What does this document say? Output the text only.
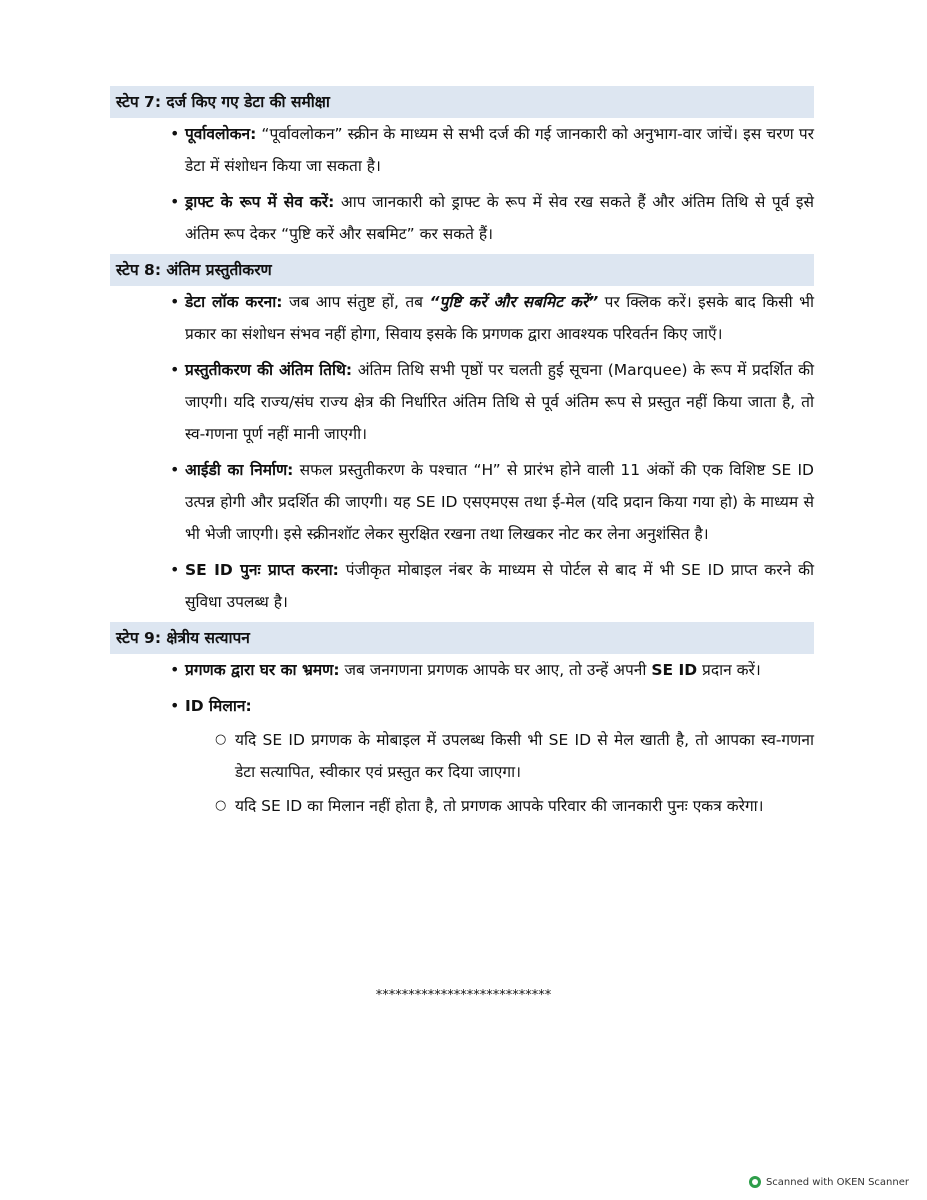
स्टेप 7: दर्ज किए गए डेटा की समीक्षा
• पूर्वावलोकन: “पूर्वावलोकन” स्क्रीन के माध्यम से सभी दर्ज की गई जानकारी को अनुभाग-वार जांचें। इस चरण पर डेटा में संशोधन किया जा सकता है।
• ड्राफ्ट के रूप में सेव करें: आप जानकारी को ड्राफ्ट के रूप में सेव रख सकते हैं और अंतिम तिथि से पूर्व इसे अंतिम रूप देकर “पुष्टि करें और सबमिट” कर सकते हैं।
स्टेप 8: अंतिम प्रस्तुतीकरण
• डेटा लॉक करना: जब आप संतुष्ट हों, तब “पुष्टि करें और सबमिट करें” पर क्लिक करें। इसके बाद किसी भी प्रकार का संशोधन संभव नहीं होगा, सिवाय इसके कि प्रगणक द्वारा आवश्यक परिवर्तन किए जाएँ।
• प्रस्तुतीकरण की अंतिम तिथि: अंतिम तिथि सभी पृष्ठों पर चलती हुई सूचना (Marquee) के रूप में प्रदर्शित की जाएगी। यदि राज्य/संघ राज्य क्षेत्र की निर्धारित अंतिम तिथि से पूर्व अंतिम रूप से प्रस्तुत नहीं किया जाता है, तो स्व-गणना पूर्ण नहीं मानी जाएगी।
• आईडी का निर्माण: सफल प्रस्तुतीकरण के पश्चात “H” से प्रारंभ होने वाली 11 अंकों की एक विशिष्ट SE ID उत्पन्न होगी और प्रदर्शित की जाएगी। यह SE ID एसएमएस तथा ई-मेल (यदि प्रदान किया गया हो) के माध्यम से भी भेजी जाएगी। इसे स्क्रीनशॉट लेकर सुरक्षित रखना तथा लिखकर नोट कर लेना अनुशंसित है।
• SE ID पुनः प्राप्त करना: पंजीकृत मोबाइल नंबर के माध्यम से पोर्टल से बाद में भी SE ID प्राप्त करने की सुविधा उपलब्ध है।
स्टेप 9: क्षेत्रीय सत्यापन
• प्रगणक द्वारा घर का भ्रमण: जब जनगणना प्रगणक आपके घर आए, तो उन्हें अपनी SE ID प्रदान करें।
• ID मिलान:
○ यदि SE ID प्रगणक के मोबाइल में उपलब्ध किसी भी SE ID से मेल खाती है, तो आपका स्व-गणना डेटा सत्यापित, स्वीकार एवं प्रस्तुत कर दिया जाएगा।
○ यदि SE ID का मिलान नहीं होता है, तो प्रगणक आपके परिवार की जानकारी पुनः एकत्र करेगा।
***************************
Scanned with OKEN Scanner
